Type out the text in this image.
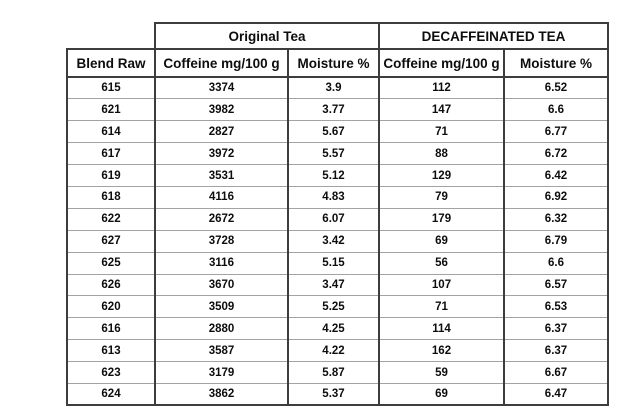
	Original Tea		DECAFFEINATED TEA	
Blend Raw	Coffeine mg/100 g	Moisture %	Coffeine mg/100 g	Moisture %
615	3374	3.9	112	6.52
621	3982	3.77	147	6.6
614	2827	5.67	71	6.77
617	3972	5.57	88	6.72
619	3531	5.12	129	6.42
618	4116	4.83	79	6.92
622	2672	6.07	179	6.32
627	3728	3.42	69	6.79
625	3116	5.15	56	6.6
626	3670	3.47	107	6.57
620	3509	5.25	71	6.53
616	2880	4.25	114	6.37
613	3587	4.22	162	6.37
623	3179	5.87	59	6.67
624	3862	5.37	69	6.47
